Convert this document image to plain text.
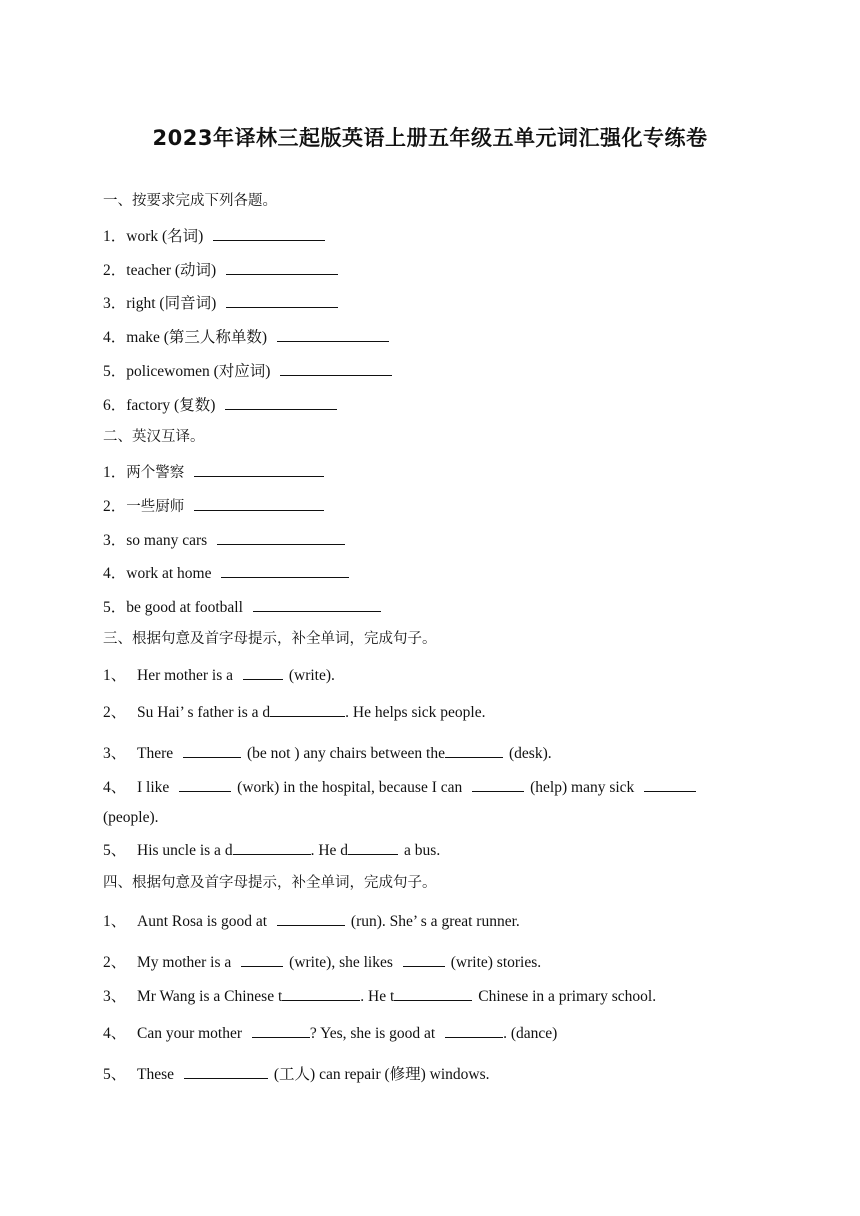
2023年译林三起版英语上册五年级五单元词汇强化专练卷
一、按要求完成下列各题。
1．work (名词)
2．teacher (动词)
3．right (同音词)
4．make (第三人称单数)
5．policewomen (对应词)
6．factory (复数)
二、英汉互译。
1．两个警察
2．一些厨师
3．so many cars
4．work at home
5．be good at football
三、根据句意及首字母提示，补全单词，完成句子。
1、 Her mother is a	(write).
2、 Su Hai’ s father is a d	. He helps sick people.
3、 There	(be not ) any chairs between the	(desk).
4、 I like	(work) in the hospital, because I can	(help) many sick
(people).
5、 His uncle is a d	. He d	a bus.
四、根据句意及首字母提示，补全单词，完成句子。
1、 Aunt Rosa is good at	(run). She’ s a great runner.
2、 My mother is a	(write), she likes	(write) stories.
3、 Mr Wang is a Chinese t	. He t	Chinese in a primary school.
4、 Can your mother	? Yes, she is good at	. (dance)
5、 These	(工人) can repair (修理) windows.
